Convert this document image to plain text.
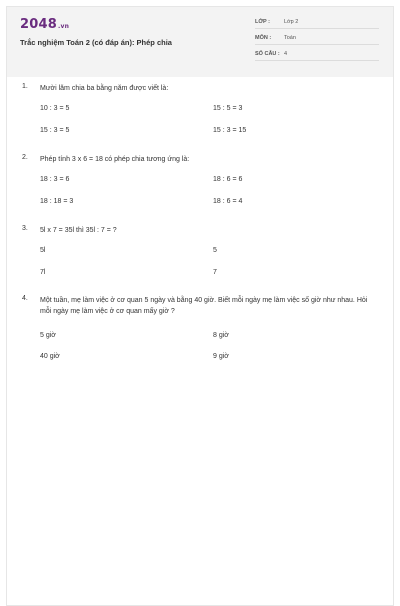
2048.vn
Trắc nghiệm Toán 2 (có đáp án): Phép chia
LỚP :	Lớp 2
MÔN : Toán
SỐ CÂU : 4
1. Mười lăm chia ba bằng năm được viết là:
10 : 3 = 5	15 : 5 = 3
15 : 3 = 5	15 : 3 = 15
2. Phép tính 3 x 6 = 18 có phép chia tương ứng là:
18 : 3 = 6	18 : 6 = 6
18 : 18 = 3	18 : 6 = 4
3. 5l x 7 = 35l thì 35l : 7 = ?
5l	5
7l	7
4. Một tuần, mẹ làm việc ở cơ quan 5 ngày và bằng 40 giờ. Biết mỗi ngày mẹ làm việc số giờ như nhau. Hỏi mỗi ngày mẹ làm việc ở cơ quan mấy giờ ?
5 giờ	8 giờ
40 giờ	9 giờ
